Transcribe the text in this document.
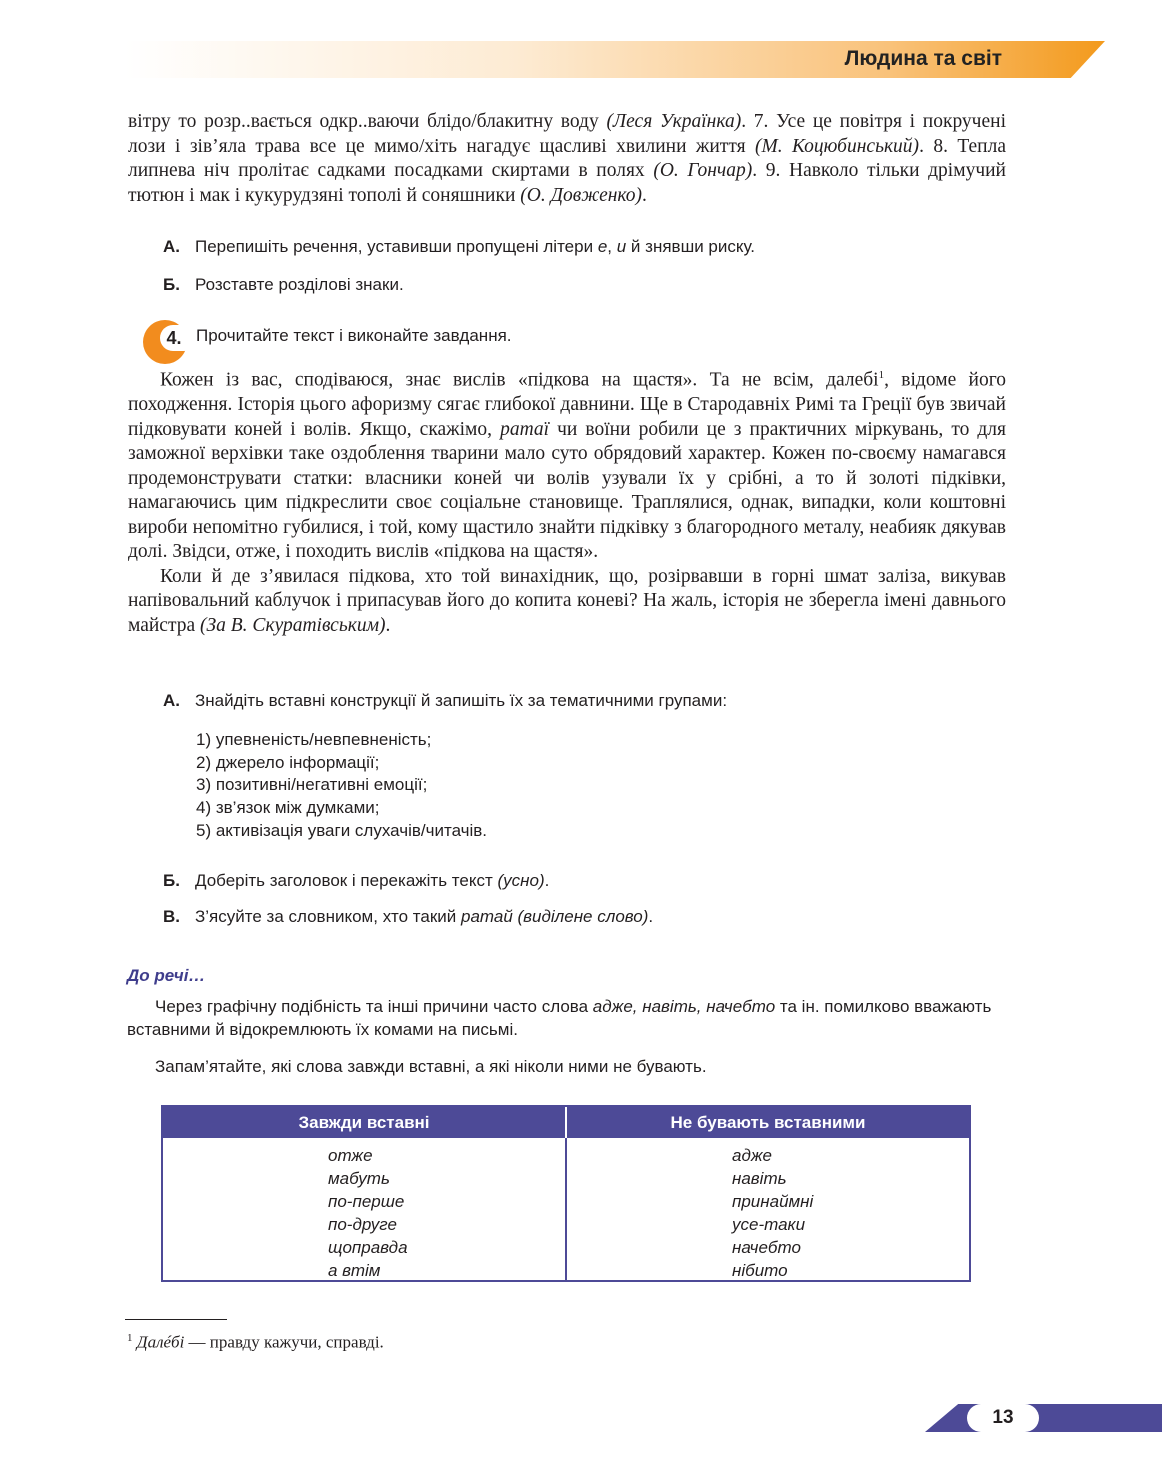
Людина та світ

вітру то розр..вається одкр..ваючи блідо/блакитну воду (Леся Українка). 7. Усе це повітря і покручені лози і зів’яла трава все це мимо/хіть нагадує щасливі хвилини життя (М. Коцюбинський). 8. Тепла липнева ніч пролітає садками посадками скиртами в полях (О. Гончар). 9. Навколо тільки дрімучий тютюн і мак і кукурудзяні тополі й соняшники (О. Довженко).

А. Перепишіть речення, уставивши пропущені літери е, и й знявши риску.
Б. Розставте розділові знаки.
4. Прочитайте текст і виконайте завдання.

Кожен із вас, сподіваюся, знає вислів «підкова на щастя». Та не всім, далебі$^1$, відоме його походження. Історія цього афоризму сягає глибокої давнини. Ще в Стародавніх Римі та Греції був звичай підковувати коней і волів. Якщо, скажімо, ратаї чи воїни робили це з практичних міркувань, то для заможної верхівки таке оздоблення тварини мало суто обрядовий характер. Кожен по-своєму намагався продемонструвати статки: власники коней чи волів узували їх у срібні, а то й золоті підківки, намагаючись цим підкреслити своє соціальне становище. Траплялися, однак, випадки, коли коштовні вироби непомітно губилися, і той, кому щастило знайти підківку з благородного металу, неабияк дякував долі. Звідси, отже, і походить вислів «підкова на щастя».

Коли й де з’явилася підкова, хто той винахідник, що, розірвавши в горні шмат заліза, викував напівовальний каблучок і припасував його до копита коневі? На жаль, історія не зберегла імені давнього майстра (За В. Скуратівським).

А. Знайдіть вставні конструкції й запишіть їх за тематичними групами:
1) упевненість/невпевненість;
2) джерело інформації;
3) позитивні/негативні емоції;
4) зв’язок між думками;
5) активізація уваги слухачів/читачів.
Б. Доберіть заголовок і перекажіть текст (усно).
В. З’ясуйте за словником, хто такий ратай (виділене слово).
До речі…

Через графічну подібність та інші причини часто слова адже, навіть, начебто та ін. помилково вважають вставними й відокремлюють їх комами на письмі.

Запам’ятайте, які слова завжди вставні, а які ніколи ними не бувають.
Завжди вставні	Не бувають вставними
отже
мабуть
по-перше
по-друге
щоправда
а втім
адже
навіть
принаймні
усе-таки
начебто
нібито
$^1$ Далéбі — правду кажучи, справді.
13
